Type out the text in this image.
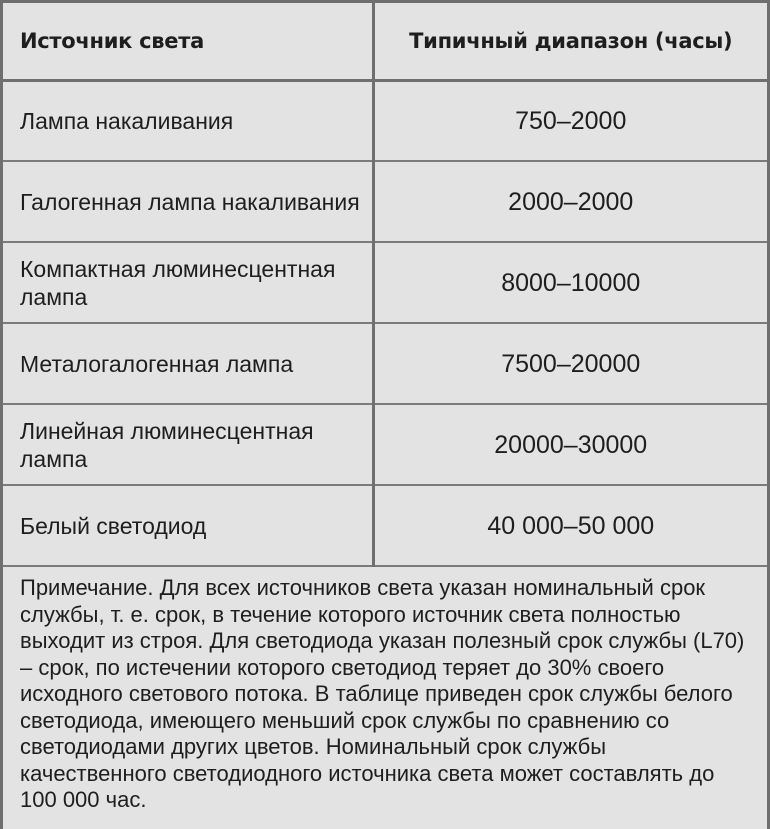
Источник света	Типичный диапазон (часы)
Лампа накаливания	750–2000
Галогенная лампа накаливания	2000–2000
Компактная люминесцентная лампа	8000–10000
Металогалогенная лампа	7500–20000
Линейная люминесцентная лампа	20000–30000
Белый светодиод	40 000–50 000
Примечание. Для всех источников света указан номинальный срок службы, т. е. срок, в течение которого источник света полностью выходит из строя. Для светодиода указан полезный срок службы (L70) – срок, по истечении которого светодиод теряет до 30% своего исходного светового потока. В таблице приведен срок службы белого светодиода, имеющего меньший срок службы по сравнению со светодиодами других цветов. Номинальный срок службы качественного светодиодного источника света может составлять до 100 000 час.
